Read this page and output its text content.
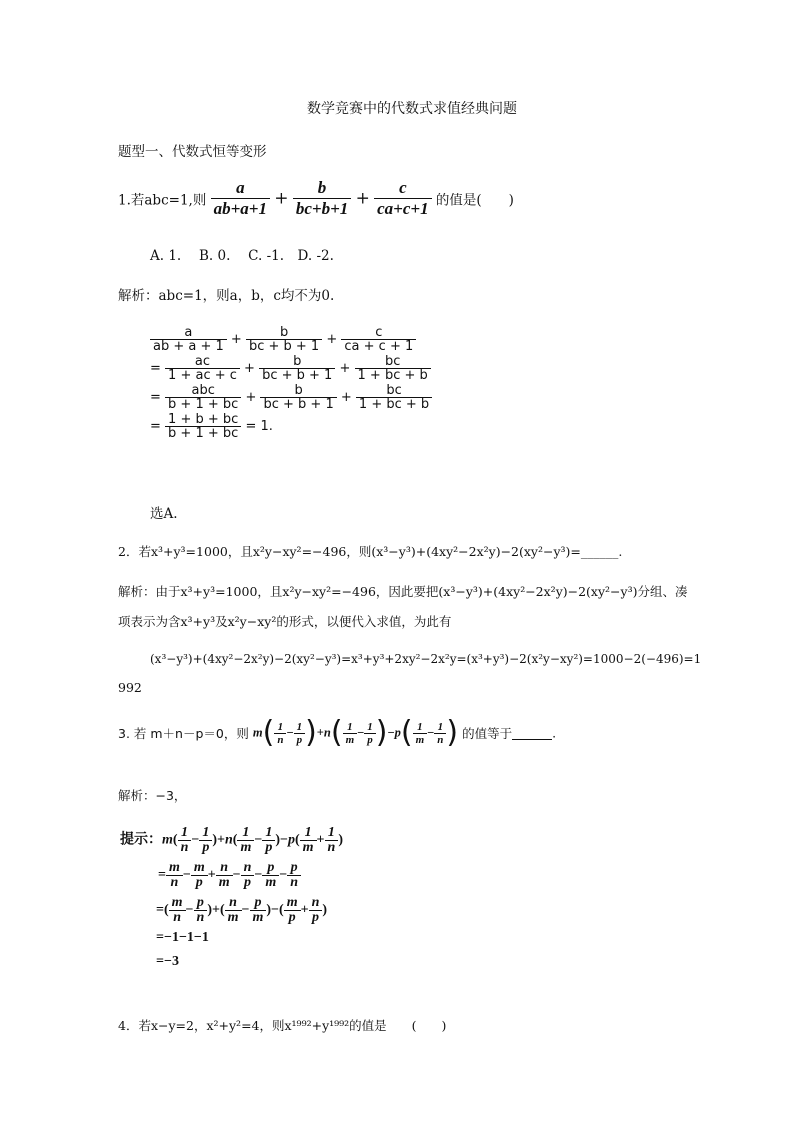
数学竞赛中的代数式求值经典问题
题型一、代数式恒等变形
1.若abc=1,则 $\frac{a}{ab+a+1} + \frac{b}{bc+b+1} + \frac{c}{ca+c+1}$ 的值是(　　)
A. 1.　 B. 0.　 C. -1.　D. -2.
解析：abc=1，则a，b，c均不为0.
$\frac{a}{ab + a + 1} + \frac{b}{bc + b + 1} + \frac{c}{ca + c + 1}$
= $\frac{ac}{1 + ac + c} + \frac{b}{bc + b + 1} + \frac{bc}{1 + bc + b}$
= $\frac{\text{abc}}{b + 1 + bc} + \frac{b}{bc + b + 1} + \frac{bc}{1 + bc + b}$
= $\frac{1 + b + bc}{b + 1 + bc} = 1$.
选A.
2．若x³+y³=1000，且x²y−xy²=−496，则(x³−y³)+(4xy²−2x²y)−2(xy²−y³)=______.
解析：由于x³+y³=1000，且x²y−xy²=−496，因此要把(x³−y³)+(4xy²−2x²y)−2(xy²−y³)分组、凑
项表示为含x³+y³及x²y−xy²的形式，以便代入求值，为此有
(x³−y³)+(4xy²−2x²y)−2(xy²−y³)=x³+y³+2xy²−2x²y=(x³+y³)−2(x²y−xy²)=1000−2(−496)=1
992
3. 若 m＋n－p＝0，则 $m( \frac{1}{n} - \frac{1}{p} )+n( \frac{1}{m} - \frac{1}{p} )-p( \frac{1}{m} - \frac{1}{n}$ ) 的值等于	.
解析：−3，
提示：$m( \frac{1}{n} - \frac{1}{p} )+n( \frac{1}{m} - \frac{1}{p} )-p( \frac{1}{m} + \frac{1}{n}$ )
= $\frac{m}{n} - \frac{m}{p} + \frac{n}{m} - \frac{n}{p} - \frac{p}{m} - \frac{p}{n}$
=( $\frac{m}{n} - \frac{p}{n}$ )+( $\frac{n}{m} - \frac{p}{m}$ )−( $\frac{m}{p} + \frac{n}{p}$ )
=−1−1−1
=−3
4．若x−y=2，x²+y²=4，则x¹⁹⁹²+y¹⁹⁹²的值是　　(　　)
